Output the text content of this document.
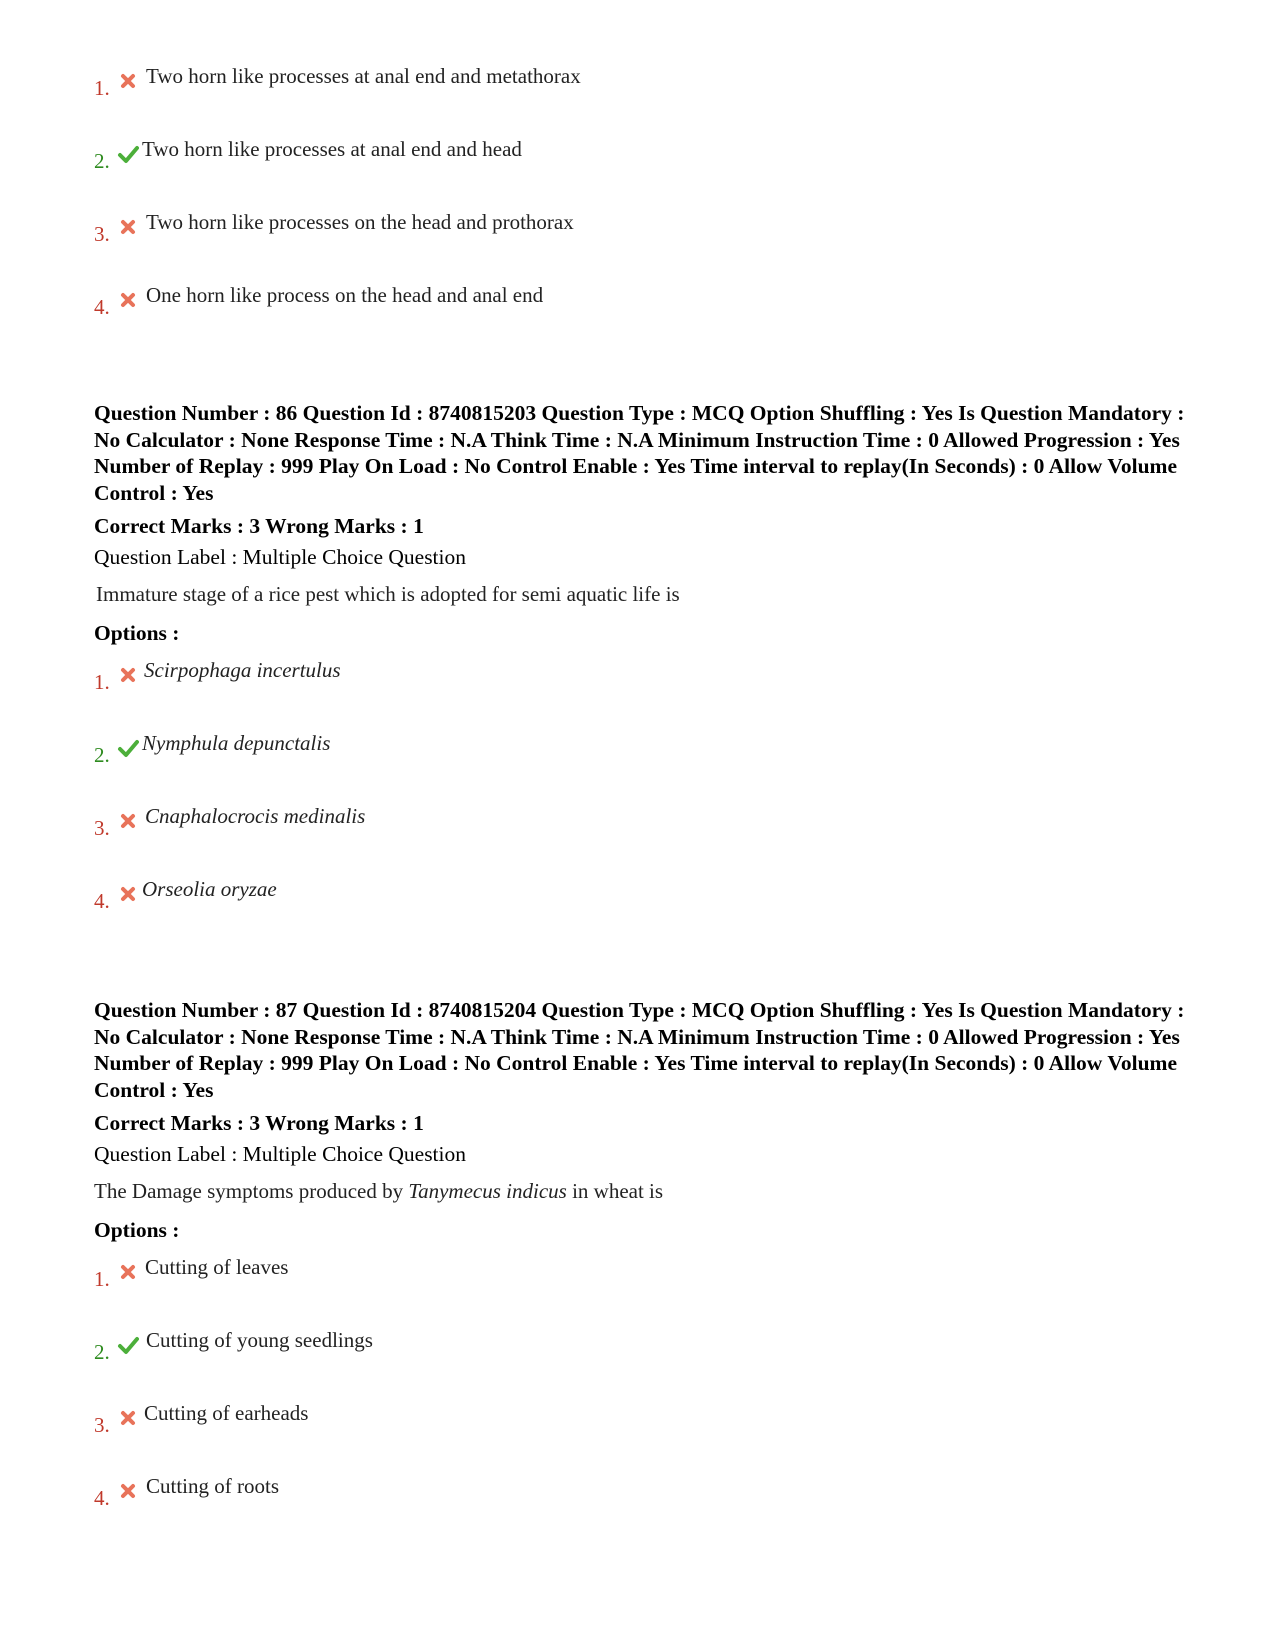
1. Two horn like processes at anal end and metathorax
2. Two horn like processes at anal end and head
3. Two horn like processes on the head and prothorax
4. One horn like process on the head and anal end
Question Number : 86 Question Id : 8740815203 Question Type : MCQ Option Shuffling : Yes Is Question Mandatory : No Calculator : None Response Time : N.A Think Time : N.A Minimum Instruction Time : 0 Allowed Progression : Yes Number of Replay : 999 Play On Load : No Control Enable : Yes Time interval to replay(In Seconds) : 0 Allow Volume Control : Yes
Correct Marks : 3 Wrong Marks : 1
Question Label : Multiple Choice Question
Immature stage of a rice pest which is adopted for semi aquatic life is
Options :
1. Scirpophaga incertulus
2. Nymphula depunctalis
3. Cnaphalocrocis medinalis
4. Orseolia oryzae
Question Number : 87 Question Id : 8740815204 Question Type : MCQ Option Shuffling : Yes Is Question Mandatory : No Calculator : None Response Time : N.A Think Time : N.A Minimum Instruction Time : 0 Allowed Progression : Yes Number of Replay : 999 Play On Load : No Control Enable : Yes Time interval to replay(In Seconds) : 0 Allow Volume Control : Yes
Correct Marks : 3 Wrong Marks : 1
Question Label : Multiple Choice Question
The Damage symptoms produced by Tanymecus indicus in wheat is
Options :
1. Cutting of leaves
2. Cutting of young seedlings
3. Cutting of earheads
4. Cutting of roots
